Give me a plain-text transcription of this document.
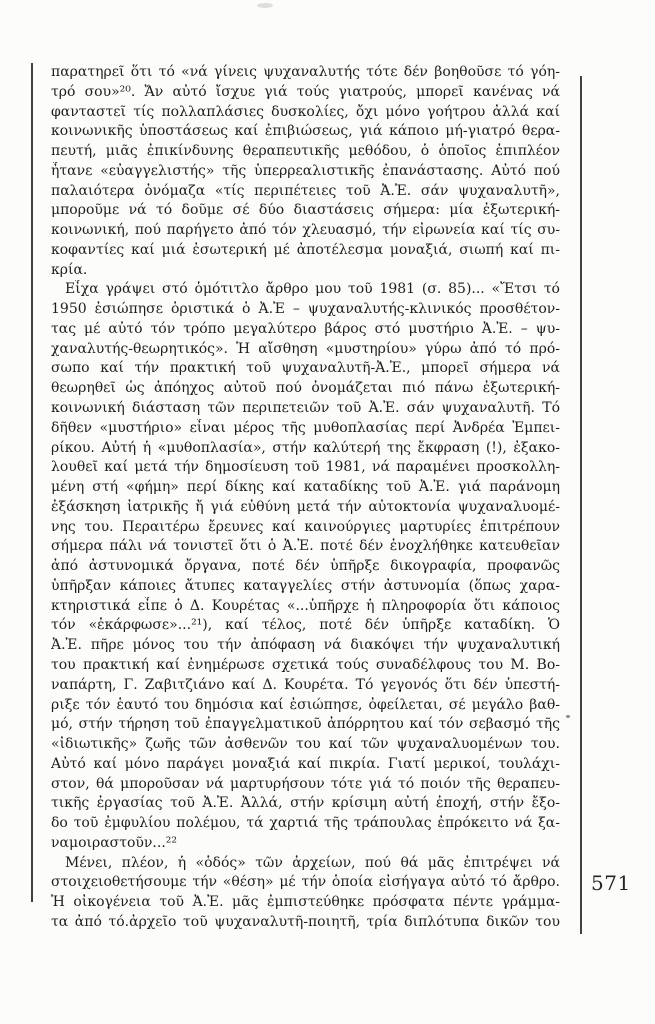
παρατηρεῖ ὅτι τό «νά γίνεις ψυχαναλυτής τότε δέν βοηθοῦσε τό γόη-
τρό σου»²⁰. Ἄν αὐτό ἴσχυε γιά τούς γιατρούς, μπορεῖ κανένας νά
φανταστεῖ τίς πολλαπλάσιες δυσκολίες, ὄχι μόνο γοήτρου ἀλλά καί
κοινωνικῆς ὑποστάσεως καί ἐπιβιώσεως, γιά κάποιο μή-γιατρό θερα-
πευτή, μιᾶς ἐπικίνδυνης θεραπευτικῆς μεθόδου, ὁ ὁποῖος ἐπιπλέον
ἦτανε «εὐαγγελιστής» τῆς ὑπερρεαλιστικῆς ἐπανάστασης. Αὐτό πού
παλαιότερα ὀνόμαζα «τίς περιπέτειες τοῦ Ἀ.Ἐ. σάν ψυχαναλυτῆ»,
μποροῦμε νά τό δοῦμε σέ δύο διαστάσεις σήμερα: μία ἐξωτερική-
κοινωνική, πού παρήγετο ἀπό τόν χλευασμό, τήν εἰρωνεία καί τίς συ-
κοφαντίες καί μιά ἐσωτερική μέ ἀποτέλεσμα μοναξιά, σιωπή καί πι-
κρία.
Εἶχα γράψει στό ὁμότιτλο ἄρθρο μου τοῦ 1981 (σ. 85)... «Ἔτσι τό
1950 ἐσιώπησε ὁριστικά ὁ Ἀ.Ἐ – ψυχαναλυτής-κλινικός προσθέτον-
τας μέ αὐτό τόν τρόπο μεγαλύτερο βάρος στό μυστήριο Ἀ.Ἐ. – ψυ-
χαναλυτής-θεωρητικός». Ἡ αἴσθηση «μυστηρίου» γύρω ἀπό τό πρό-
σωπο καί τήν πρακτική τοῦ ψυχαναλυτῆ-Ἀ.Ἐ., μπορεῖ σήμερα νά
θεωρηθεῖ ὡς ἀπόηχος αὐτοῦ πού ὀνομάζεται πιό πάνω ἐξωτερική-
κοινωνική διάσταση τῶν περιπετειῶν τοῦ Ἀ.Ἐ. σάν ψυχαναλυτῆ. Τό
δῆθεν «μυστήριο» εἶναι μέρος τῆς μυθοπλασίας περί Ἀνδρέα Ἐμπει-
ρίκου. Αὐτή ἡ «μυθοπλασία», στήν καλύτερή της ἔκφραση (!), ἐξακο-
λουθεῖ καί μετά τήν δημοσίευση τοῦ 1981, νά παραμένει προσκολλη-
μένη στή «φήμη» περί δίκης καί καταδίκης τοῦ Ἀ.Ἐ. γιά παράνομη
ἐξάσκηση ἰατρικῆς ἤ γιά εὐθύνη μετά τήν αὐτοκτονία ψυχαναλυομέ-
νης του. Περαιτέρω ἔρευνες καί καινούργιες μαρτυρίες ἐπιτρέπουν
σήμερα πάλι νά τονιστεῖ ὅτι ὁ Ἀ.Ἐ. ποτέ δέν ἐνοχλήθηκε κατευθεῖαν
ἀπό ἀστυνομικά ὄργανα, ποτέ δέν ὑπῆρξε δικογραφία, προφανῶς
ὑπῆρξαν κάποιες ἄτυπες καταγγελίες στήν ἀστυνομία (ὅπως χαρα-
κτηριστικά εἶπε ὁ Δ. Κουρέτας «...ὑπῆρχε ἡ πληροφορία ὅτι κάποιος
τόν «ἐκάρφωσε»...²¹), καί τέλος, ποτέ δέν ὑπῆρξε καταδίκη. Ὁ
Ἀ.Ἐ. πῆρε μόνος του τήν ἀπόφαση νά διακόψει τήν ψυχαναλυτική
του πρακτική καί ἐνημέρωσε σχετικά τούς συναδέλφους του Μ. Βο-
ναπάρτη, Γ. Ζαβιτζιάνο καί Δ. Κουρέτα. Τό γεγονός ὅτι δέν ὑπεστή-
ριξε τόν ἑαυτό του δημόσια καί ἐσιώπησε, ὀφείλεται, σέ μεγάλο βαθ-
μό, στήν τήρηση τοῦ ἐπαγγελματικοῦ ἀπόρρητου καί τόν σεβασμό τῆς
«ἰδιωτικῆς» ζωῆς τῶν ἀσθενῶν του καί τῶν ψυχαναλυομένων του.
Αὐτό καί μόνο παράγει μοναξιά καί πικρία. Γιατί μερικοί, τουλάχι-
στον, θά μποροῦσαν νά μαρτυρήσουν τότε γιά τό ποιόν τῆς θεραπευ-
τικῆς ἐργασίας τοῦ Ἀ.Ἐ. Ἀλλά, στήν κρίσιμη αὐτή ἐποχή, στήν ἔξο-
δο τοῦ ἐμφυλίου πολέμου, τά χαρτιά τῆς τράπουλας ἐπρόκειτο νά ξα-
ναμοιραστοῦν...²²
Μένει, πλέον, ἡ «ὁδός» τῶν ἀρχείων, πού θά μᾶς ἐπιτρέψει νά
στοιχειοθετήσουμε τήν «θέση» μέ τήν ὁποία εἰσήγαγα αὐτό τό ἄρθρο.
Ἡ οἰκογένεια τοῦ Ἀ.Ἐ. μᾶς ἐμπιστεύθηκε πρόσφατα πέντε γράμμα-
τα ἀπό τό.ἀρχεῖο τοῦ ψυχαναλυτῆ-ποιητῆ, τρία διπλότυπα δικῶν του
571
